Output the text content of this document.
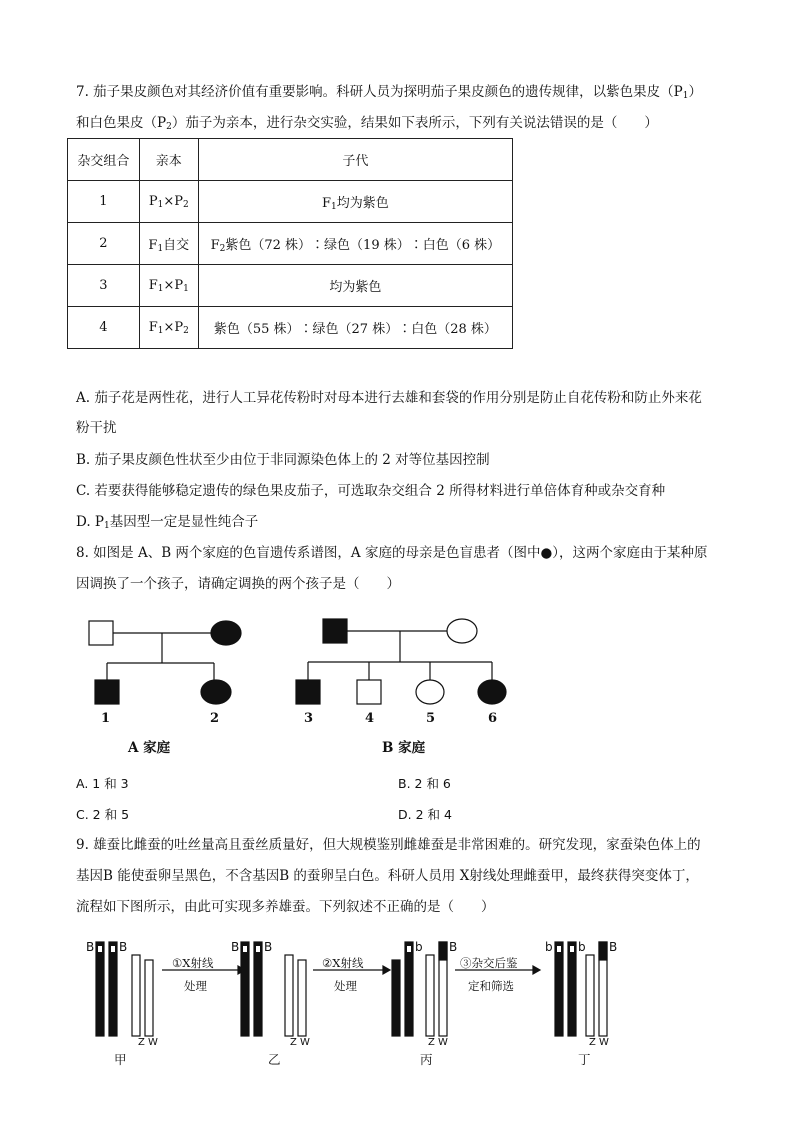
7. 茄子果皮颜色对其经济价值有重要影响。科研人员为探明茄子果皮颜色的遗传规律，以紫色果皮$(P_1)$
和白色果皮$(P_2)$茄子为亲本，进行杂交实验，结果如下表所示，下列有关说法错误的是（　　）
杂交组合	亲本	子代
1	$P_1\times P_2$	$F_1$均为紫色
2	$F_1$自交	$F_2$紫色（72 株）∶绿色（19 株）∶白色（6 株）
3	$F_1\times P_1$	均为紫色
4	$F_1\times P_2$	紫色（55 株）∶绿色（27 株）∶白色（28 株）
A. 茄子花是两性花，进行人工异花传粉时对母本进行去雄和套袋的作用分别是防止自花传粉和防止外来花
粉干扰
B. 茄子果皮颜色性状至少由位于非同源染色体上的 2 对等位基因控制
C. 若要获得能够稳定遗传的绿色果皮茄子，可选取杂交组合 2 所得材料进行单倍体育种或杂交育种
D. $P_1$基因型一定是显性纯合子
8. 如图是 A、B 两个家庭的色盲遗传系谱图，A 家庭的母亲是色盲患者（图中●），这两个家庭由于某种原
因调换了一个孩子，请确定调换的两个孩子是（　　）
1	2	3	4	5	6
A 家庭	B 家庭
A. 1 和 3	B. 2 和 6
C. 2 和 5	D. 2 和 4
9. 雄蚕比雌蚕的吐丝量高且蚕丝质量好，但大规模鉴别雌雄蚕是非常困难的。研究发现，家蚕染色体上的
基因B 能使蚕卵呈黑色，不含基因B 的蚕卵呈白色。科研人员用 X射线处理雌蚕甲，最终获得突变体丁，
流程如下图所示，由此可实现多养雄蚕。下列叙述不正确的是（　　）
B B	B B	b B	b b B
①X射线
处理
②X射线
处理
③杂交后鉴
定和筛选
Z W	Z W	Z W	Z W
甲	乙	丙	丁
